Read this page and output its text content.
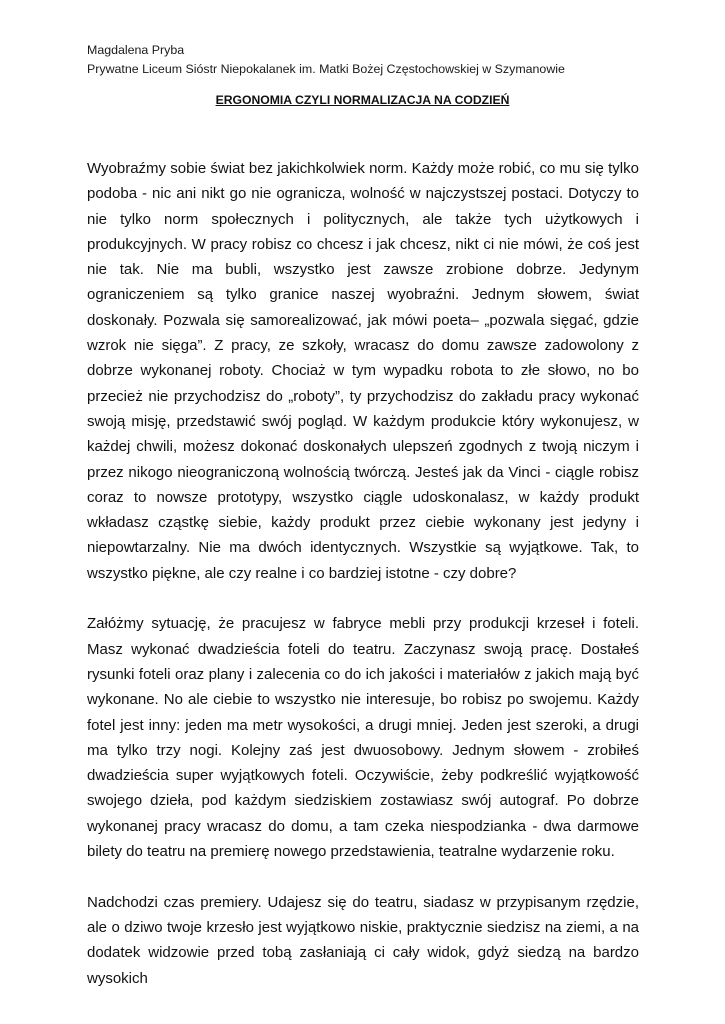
Magdalena Pryba
Prywatne Liceum Sióstr Niepokalanek im. Matki Bożej Częstochowskiej w Szymanowie
ERGONOMIA CZYLI NORMALIZACJA NA CODZIEŃ

Wyobraźmy sobie świat bez jakichkolwiek norm. Każdy może robić, co mu się tylko podoba - nic ani nikt go nie ogranicza, wolność w najczystszej postaci. Dotyczy to nie tylko norm społecznych i politycznych, ale także tych użytkowych i produkcyjnych. W pracy robisz co chcesz i jak chcesz, nikt ci nie mówi, że coś jest nie tak. Nie ma bubli, wszystko jest zawsze zrobione dobrze. Jedynym ograniczeniem są tylko granice naszej wyobraźni. Jednym słowem, świat doskonały. Pozwala się samorealizować, jak mówi poeta– „pozwala sięgać, gdzie wzrok nie sięga”. Z pracy, ze szkoły, wracasz do domu zawsze zadowolony z dobrze wykonanej roboty. Chociaż w tym wypadku robota to złe słowo, no bo przecież nie przychodzisz do „roboty”, ty przychodzisz do zakładu pracy wykonać swoją misję, przedstawić swój pogląd. W każdym produkcie który wykonujesz, w każdej chwili, możesz dokonać doskonałych ulepszeń zgodnych z twoją niczym i przez nikogo nieograniczoną wolnością twórczą. Jesteś jak da Vinci - ciągle robisz coraz to nowsze prototypy, wszystko ciągle udoskonalasz, w każdy produkt wkładasz cząstkę siebie, każdy produkt przez ciebie wykonany jest jedyny i niepowtarzalny. Nie ma dwóch identycznych. Wszystkie są wyjątkowe. Tak, to wszystko piękne, ale czy realne i co bardziej istotne - czy dobre?

Załóżmy sytuację, że pracujesz w fabryce mebli przy produkcji krzeseł i foteli. Masz wykonać dwadzieścia foteli do teatru. Zaczynasz swoją pracę. Dostałeś rysunki foteli oraz plany i zalecenia co do ich jakości i materiałów z jakich mają być wykonane. No ale ciebie to wszystko nie interesuje, bo robisz po swojemu. Każdy fotel jest inny: jeden ma metr wysokości, a drugi mniej. Jeden jest szeroki, a drugi ma tylko trzy nogi. Kolejny zaś jest dwuosobowy. Jednym słowem - zrobiłeś dwadzieścia super wyjątkowych foteli. Oczywiście, żeby podkreślić wyjątkowość swojego dzieła, pod każdym siedziskiem zostawiasz swój autograf. Po dobrze wykonanej pracy wracasz do domu, a tam czeka niespodzianka - dwa darmowe bilety do teatru na premierę nowego przedstawienia, teatralne wydarzenie roku.

Nadchodzi czas premiery. Udajesz się do teatru, siadasz w przypisanym rzędzie, ale o dziwo twoje krzesło jest wyjątkowo niskie, praktycznie siedzisz na ziemi, a na dodatek widzowie przed tobą zasłaniają ci cały widok, gdyż siedzą na bardzo wysokich
